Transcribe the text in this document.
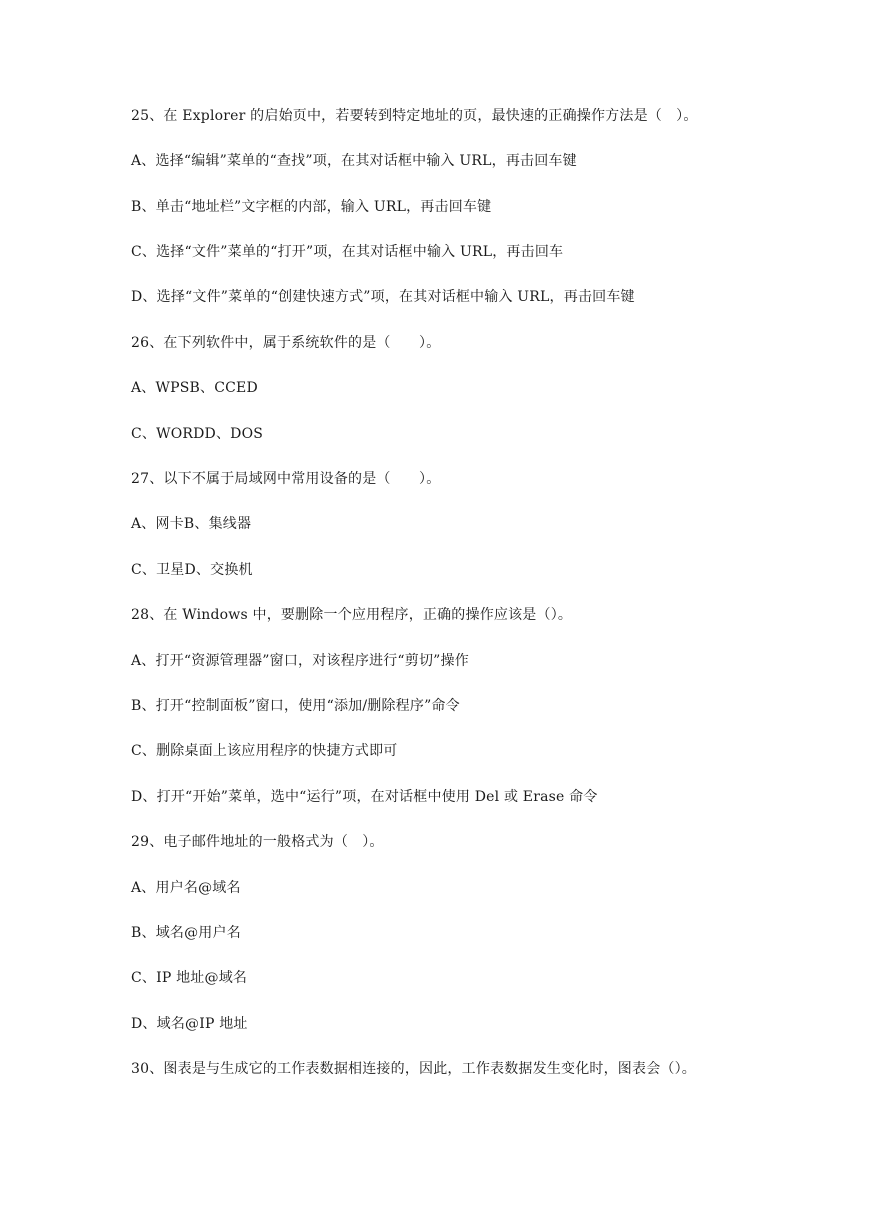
25、在 Explorer 的启始页中，若要转到特定地址的页，最快速的正确操作方法是（　）。

A、选择“编辑”菜单的“查找”项，在其对话框中输入 URL，再击回车键

B、单击“地址栏”文字框的内部，输入 URL，再击回车键

C、选择“文件”菜单的“打开”项，在其对话框中输入 URL，再击回车

D、选择“文件”菜单的“创建快速方式”项，在其对话框中输入 URL，再击回车键

26、在下列软件中，属于系统软件的是（　　）。

A、WPSB、CCED

C、WORDD、DOS

27、以下不属于局域网中常用设备的是（　　）。

A、网卡B、集线器

C、卫星D、交换机

28、在 Windows 中，要删除一个应用程序，正确的操作应该是（）。

A、打开“资源管理器”窗口，对该程序进行“剪切”操作

B、打开“控制面板”窗口，使用“添加/删除程序”命令

C、删除桌面上该应用程序的快捷方式即可

D、打开“开始”菜单，选中“运行”项，在对话框中使用 Del 或 Erase 命令

29、电子邮件地址的一般格式为（　）。

A、用户名@域名

B、域名@用户名

C、IP 地址@域名

D、域名@IP 地址

30、图表是与生成它的工作表数据相连接的，因此，工作表数据发生变化时，图表会（）。
